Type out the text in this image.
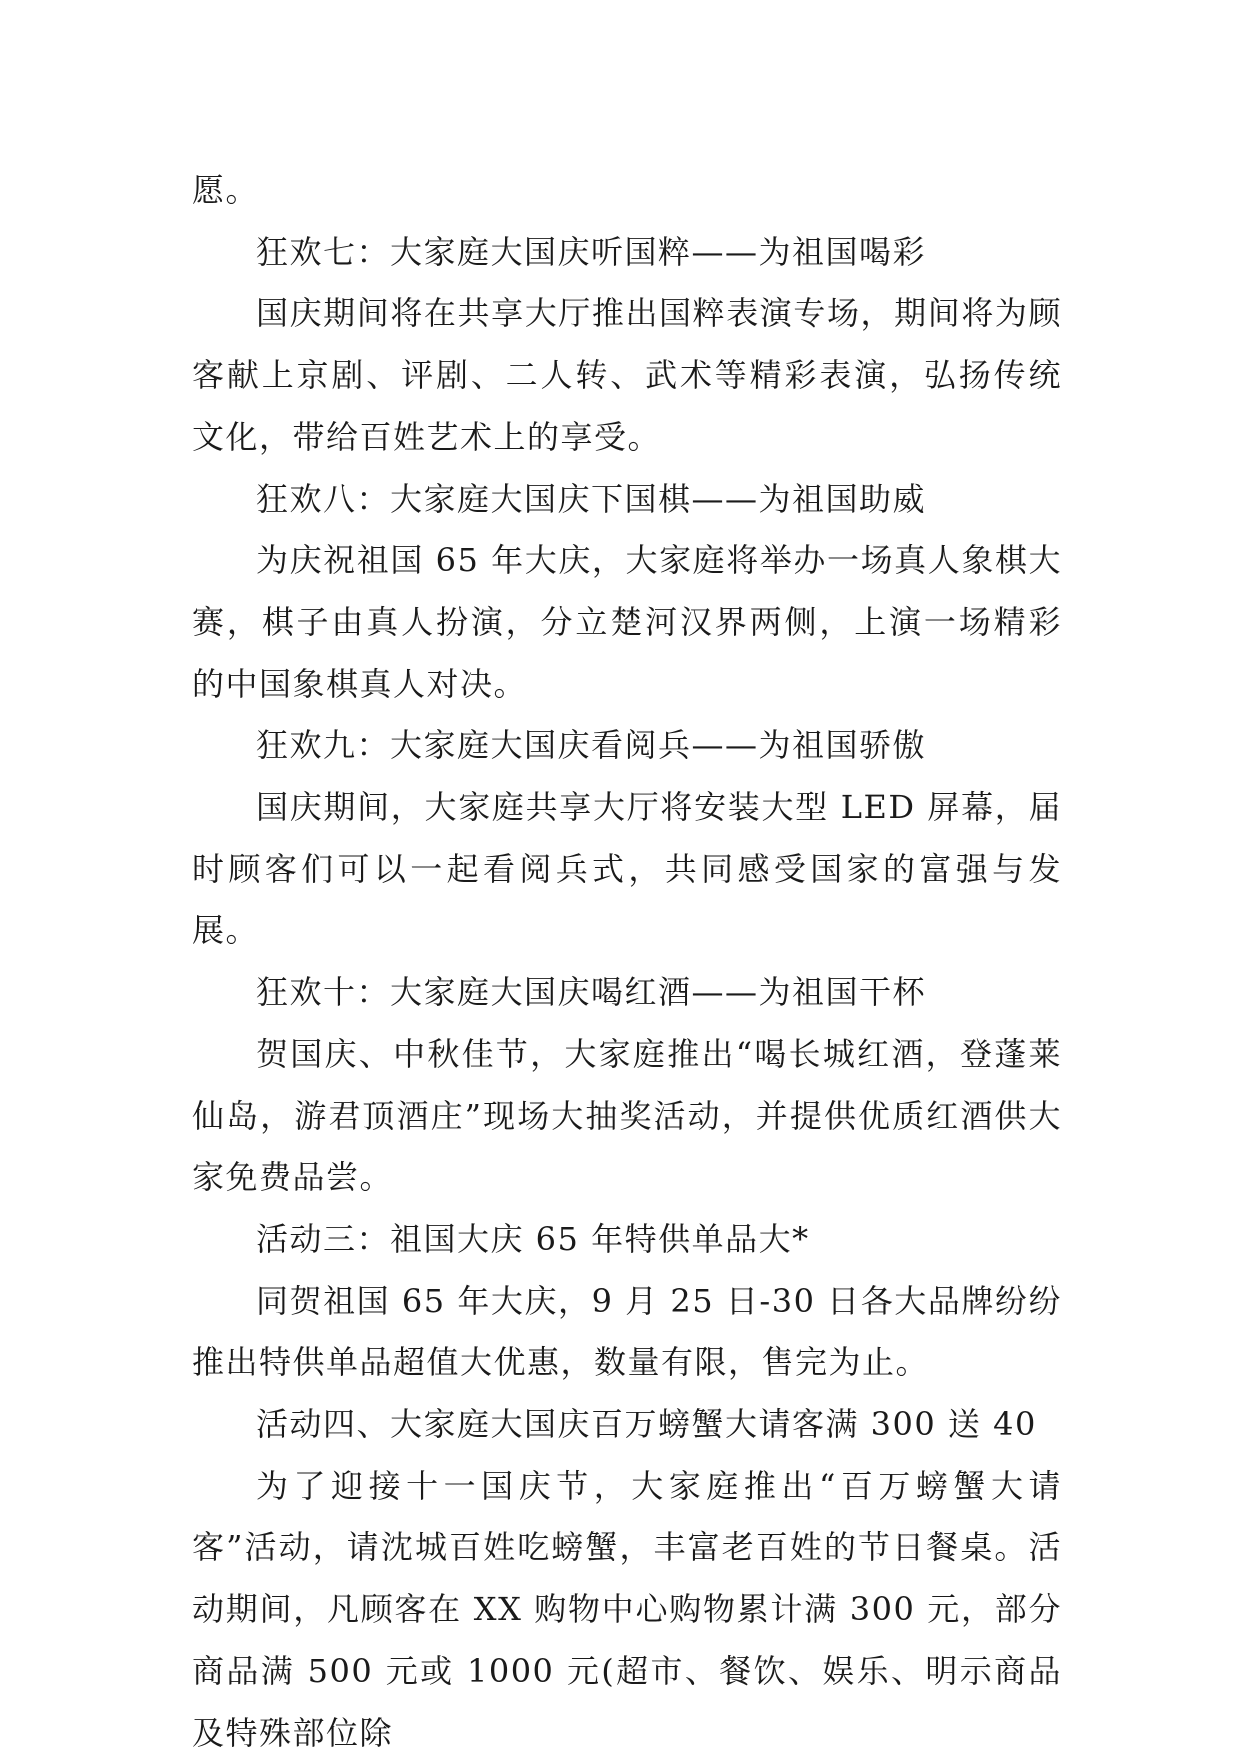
愿。

狂欢七：大家庭大国庆听国粹——为祖国喝彩

国庆期间将在共享大厅推出国粹表演专场，期间将为顾客献上京剧、评剧、二人转、武术等精彩表演，弘扬传统文化，带给百姓艺术上的享受。

狂欢八：大家庭大国庆下国棋——为祖国助威

为庆祝祖国 65 年大庆，大家庭将举办一场真人象棋大赛，棋子由真人扮演，分立楚河汉界两侧，上演一场精彩的中国象棋真人对决。

狂欢九：大家庭大国庆看阅兵——为祖国骄傲

国庆期间，大家庭共享大厅将安装大型 LED 屏幕，届时顾客们可以一起看阅兵式，共同感受国家的富强与发展。

狂欢十：大家庭大国庆喝红酒——为祖国干杯

贺国庆、中秋佳节，大家庭推出“喝长城红酒，登蓬莱仙岛，游君顶酒庄”现场大抽奖活动，并提供优质红酒供大家免费品尝。

活动三：祖国大庆 65 年特供单品大*

同贺祖国 65 年大庆，9 月 25 日-30 日各大品牌纷纷推出特供单品超值大优惠，数量有限，售完为止。

活动四、大家庭大国庆百万螃蟹大请客满 300 送 40

为了迎接十一国庆节，大家庭推出“百万螃蟹大请客”活动，请沈城百姓吃螃蟹，丰富老百姓的节日餐桌。活动期间，凡顾客在 XX 购物中心购物累计满 300 元，部分商品满 500 元或 1000 元(超市、餐饮、娱乐、明示商品及特殊部位除
